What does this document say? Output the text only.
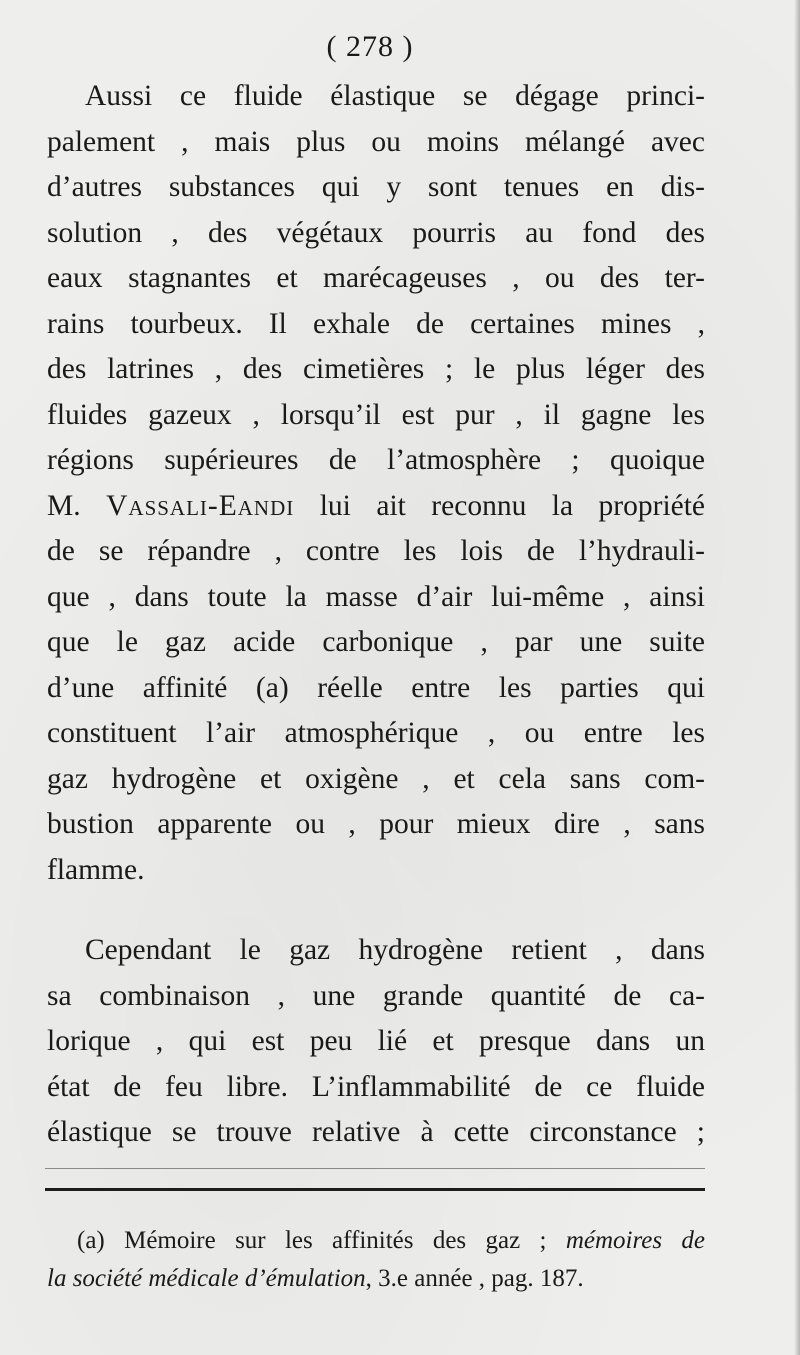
( 278 )
Aussi ce fluide élastique se dégage princi-
palement , mais plus ou moins mélangé avec
d’autres substances qui y sont tenues en dis-
solution , des végétaux pourris au fond des
eaux stagnantes et marécageuses , ou des ter-
rains tourbeux. Il exhale de certaines mines ,
des latrines , des cimetières ; le plus léger des
fluides gazeux , lorsqu’il est pur , il gagne les
régions supérieures de l’atmosphère ; quoique
M. Vassali-Eandi lui ait reconnu la propriété
de se répandre , contre les lois de l’hydrauli-
que , dans toute la masse d’air lui-même , ainsi
que le gaz acide carbonique , par une suite
d’une affinité (a) réelle entre les parties qui
constituent l’air atmosphérique , ou entre les
gaz hydrogène et oxigène , et cela sans com-
bustion apparente ou , pour mieux dire , sans
flamme.
Cependant le gaz hydrogène retient , dans
sa combinaison , une grande quantité de ca-
lorique , qui est peu lié et presque dans un
état de feu libre. L’inflammabilité de ce fluide
élastique se trouve relative à cette circonstance ;
(a) Mémoire sur les affinités des gaz ; mémoires de
la société médicale d’émulation, 3.e année , pag. 187.
